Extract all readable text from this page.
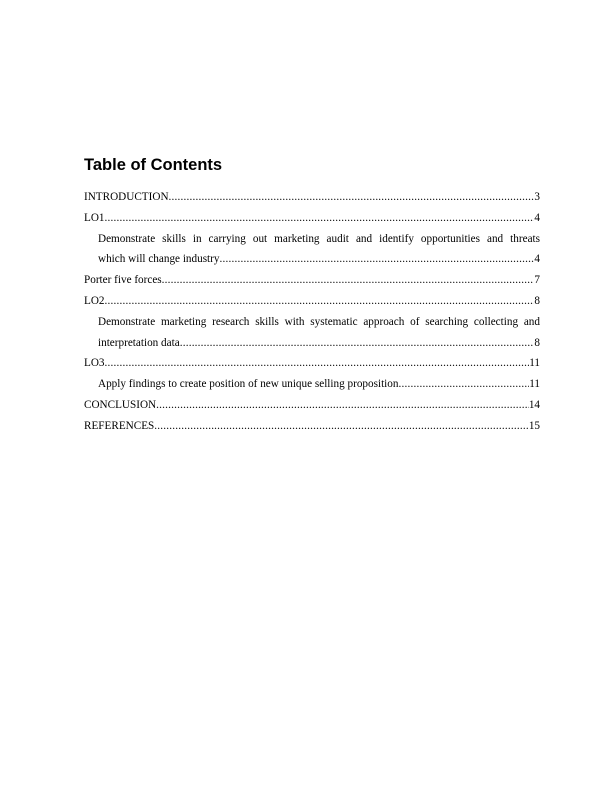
Table of Contents
INTRODUCTION .....	3
LO1 .....	4
Demonstrate skills in carrying out marketing audit and identify opportunities and threats
which will change industry .....	4
Porter five forces .....	7
LO2 .....	8
Demonstrate marketing research skills with systematic approach of searching collecting and
interpretation data .....	8
LO3 .....	11
Apply findings to create position of new unique selling proposition .....	11
CONCLUSION .....	14
REFERENCES .....	15
